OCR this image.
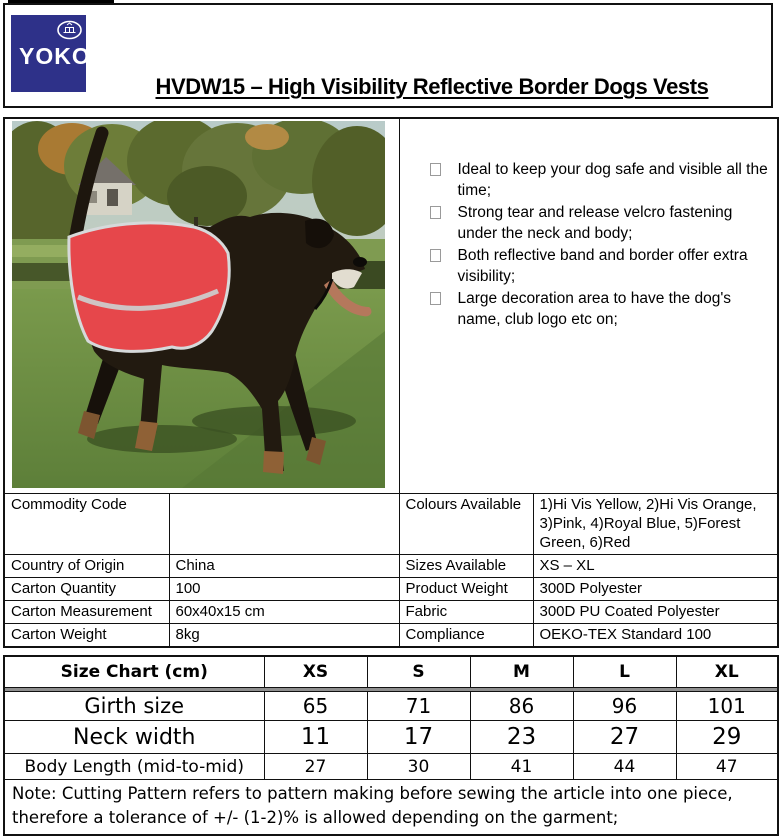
$YOKO_®$
HVDW15 – High Visibility Reflective Border Dogs Vests

Ideal to keep your dog safe and visible all the time;
Strong tear and release velcro fastening under the neck and body;
Both reflective band and border offer extra visibility;
Large decoration area to have the dog's name, club logo etc on;	

Commodity Code		Colours Available	1)Hi Vis Yellow, 2)Hi Vis Orange, 3)Pink, 4)Royal Blue, 5)Forest Green, 6)Red
Country of Origin	China	Sizes Available	XS – XL
Carton Quantity	100	Product Weight	300D Polyester
Carton Measurement	60x40x15 cm	Fabric	300D PU Coated Polyester
Carton Weight	8kg	Compliance	OEKO-TEX Standard 100
Size Chart (cm)	XS	S	M	L	XL

Girth size	65	71	86	96	101
Neck width	11	17	23	27	29
Body Length (mid-to-mid)	27	30	41	44	47
Note: Cutting Pattern refers to pattern making before sewing the article into one piece, therefore a tolerance of +/- (1-2)% is allowed depending on the garment;					
